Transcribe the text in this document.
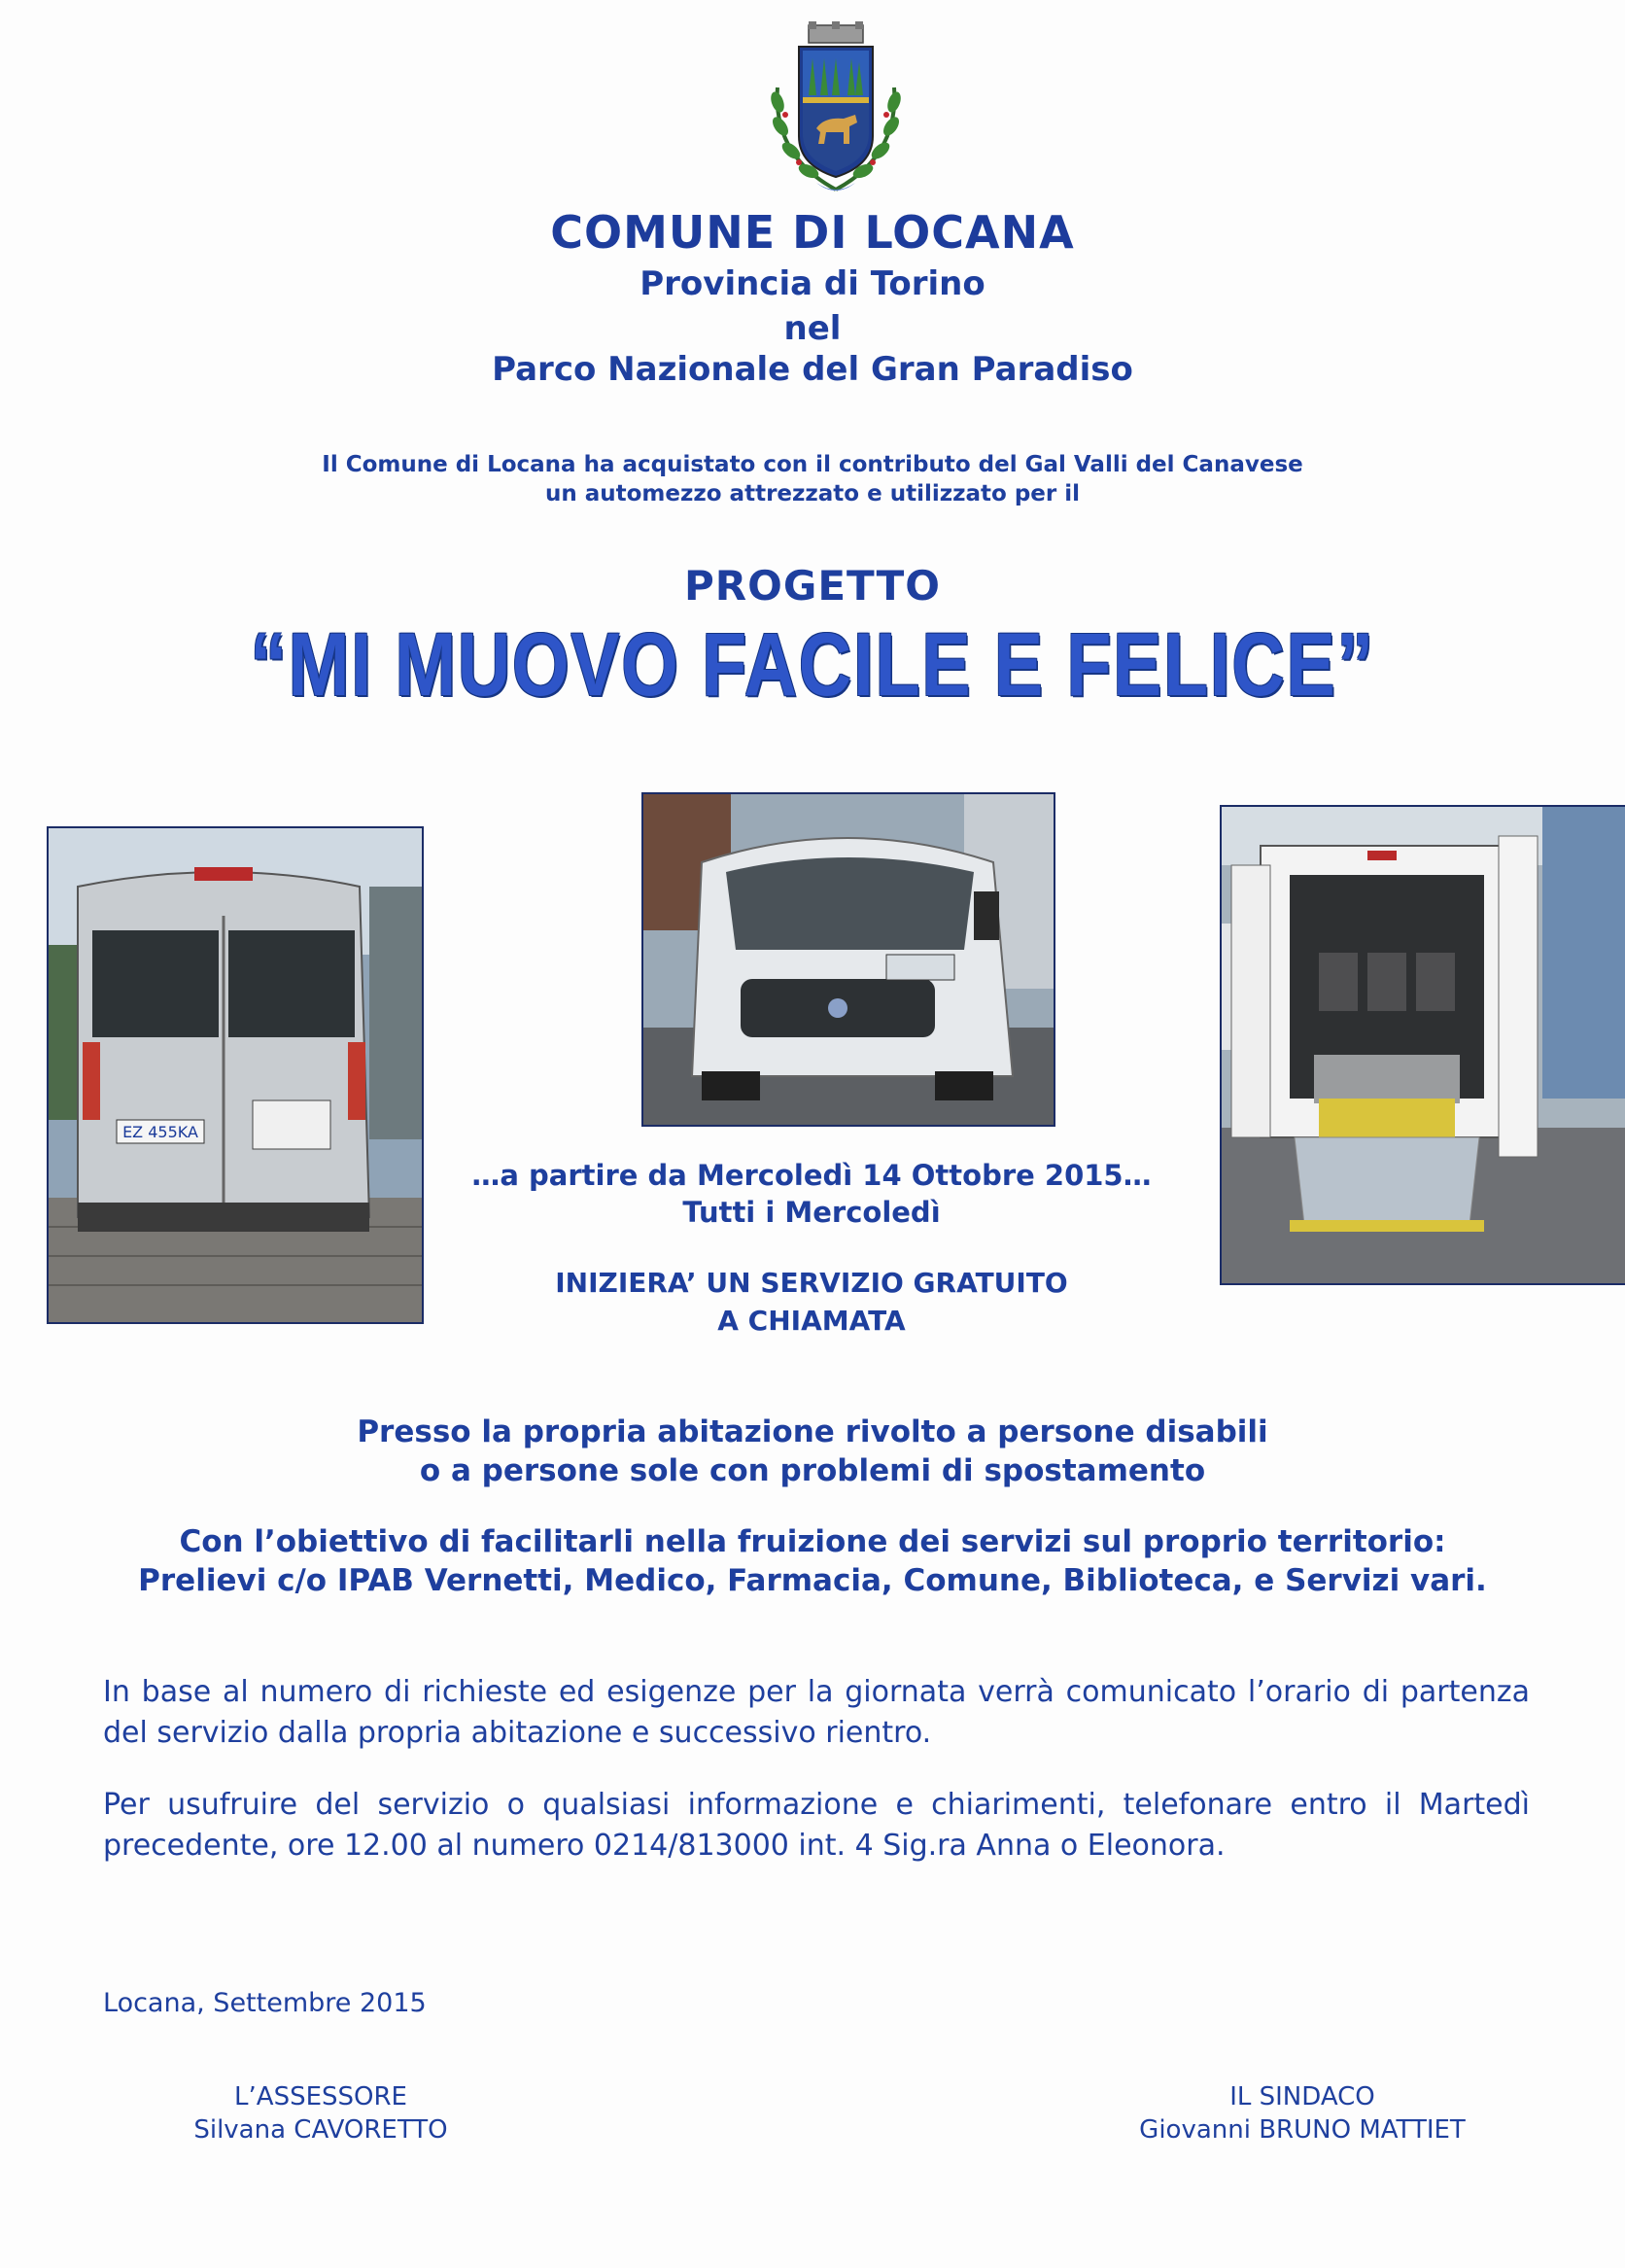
COMUNE DI LOCANA
Provincia di Torino
nel
Parco Nazionale del Gran Paradiso
Il Comune di Locana ha acquistato con il contributo del Gal Valli del Canavese
un automezzo attrezzato e utilizzato per il
PROGETTO
“MI MUOVO FACILE E FELICE”
EZ 455KA
…a partire da Mercoledì 14 Ottobre 2015…
Tutti i Mercoledì
INIZIERA’ UN SERVIZIO GRATUITO
A CHIAMATA
Presso la propria abitazione rivolto a persone disabili
o a persone sole con problemi di spostamento
Con l’obiettivo di facilitarli nella fruizione dei servizi sul proprio territorio:
Prelievi c/o IPAB Vernetti, Medico, Farmacia, Comune, Biblioteca, e Servizi vari.
In base al numero di richieste ed esigenze per la giornata verrà comunicato l’orario di partenza del servizio dalla propria abitazione e successivo rientro.
Per usufruire del servizio o qualsiasi informazione e chiarimenti, telefonare entro il Martedì precedente, ore 12.00 al numero 0214/813000 int. 4 Sig.ra Anna o Eleonora.
Locana, Settembre 2015
L’ASSESSORE
Silvana CAVORETTO
IL SINDACO
Giovanni BRUNO MATTIET
